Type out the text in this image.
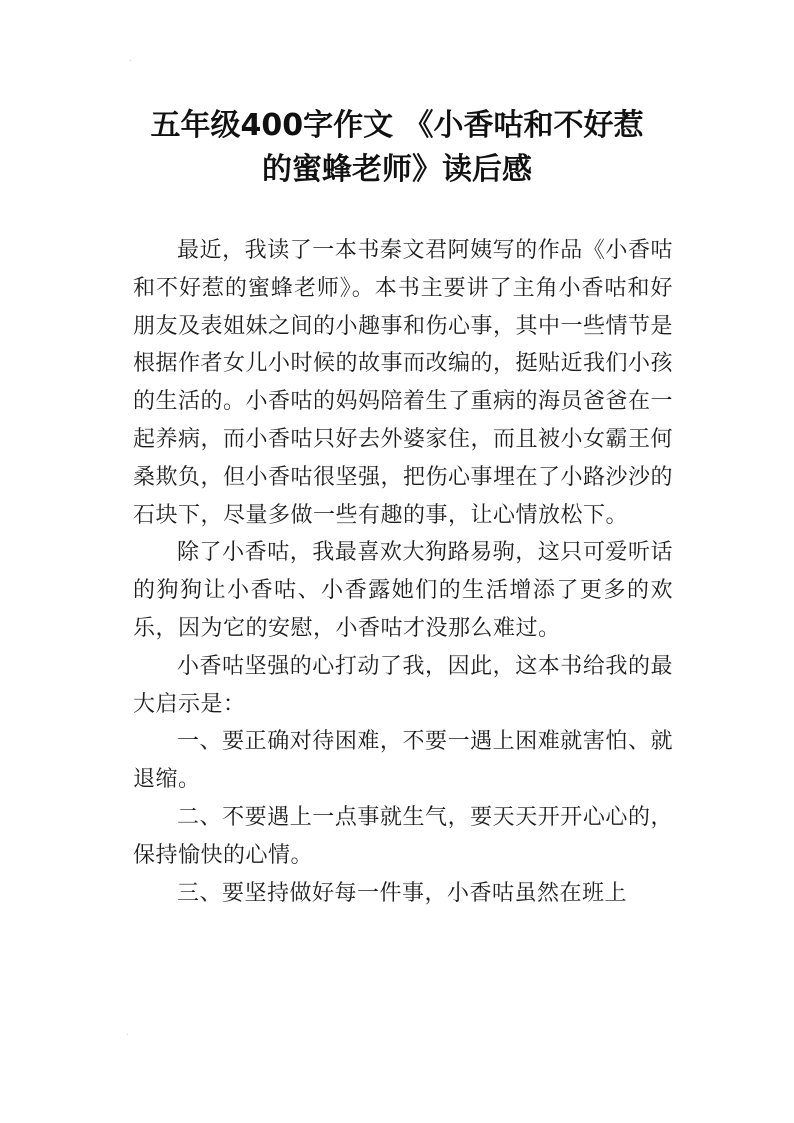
·
五年级400字作文 《小香咕和不好惹
的蜜蜂老师》读后感

最近，我读了一本书秦文君阿姨写的作品《小香咕和不好惹的蜜蜂老师》。本书主要讲了主角小香咕和好朋友及表姐妹之间的小趣事和伤心事，其中一些情节是根据作者女儿小时候的故事而改编的，挺贴近我们小孩的生活的。小香咕的妈妈陪着生了重病的海员爸爸在一起养病，而小香咕只好去外婆家住，而且被小女霸王何桑欺负，但小香咕很坚强，把伤心事埋在了小路沙沙的石块下，尽量多做一些有趣的事，让心情放松下。

除了小香咕，我最喜欢大狗路易驹，这只可爱听话的狗狗让小香咕、小香露她们的生活增添了更多的欢乐，因为它的安慰，小香咕才没那么难过。

小香咕坚强的心打动了我，因此，这本书给我的最大启示是：

一、要正确对待困难，不要一遇上困难就害怕、就退缩。

二、不要遇上一点事就生气，要天天开开心心的，保持愉快的心情。

三、要坚持做好每一件事，小香咕虽然在班上

·
